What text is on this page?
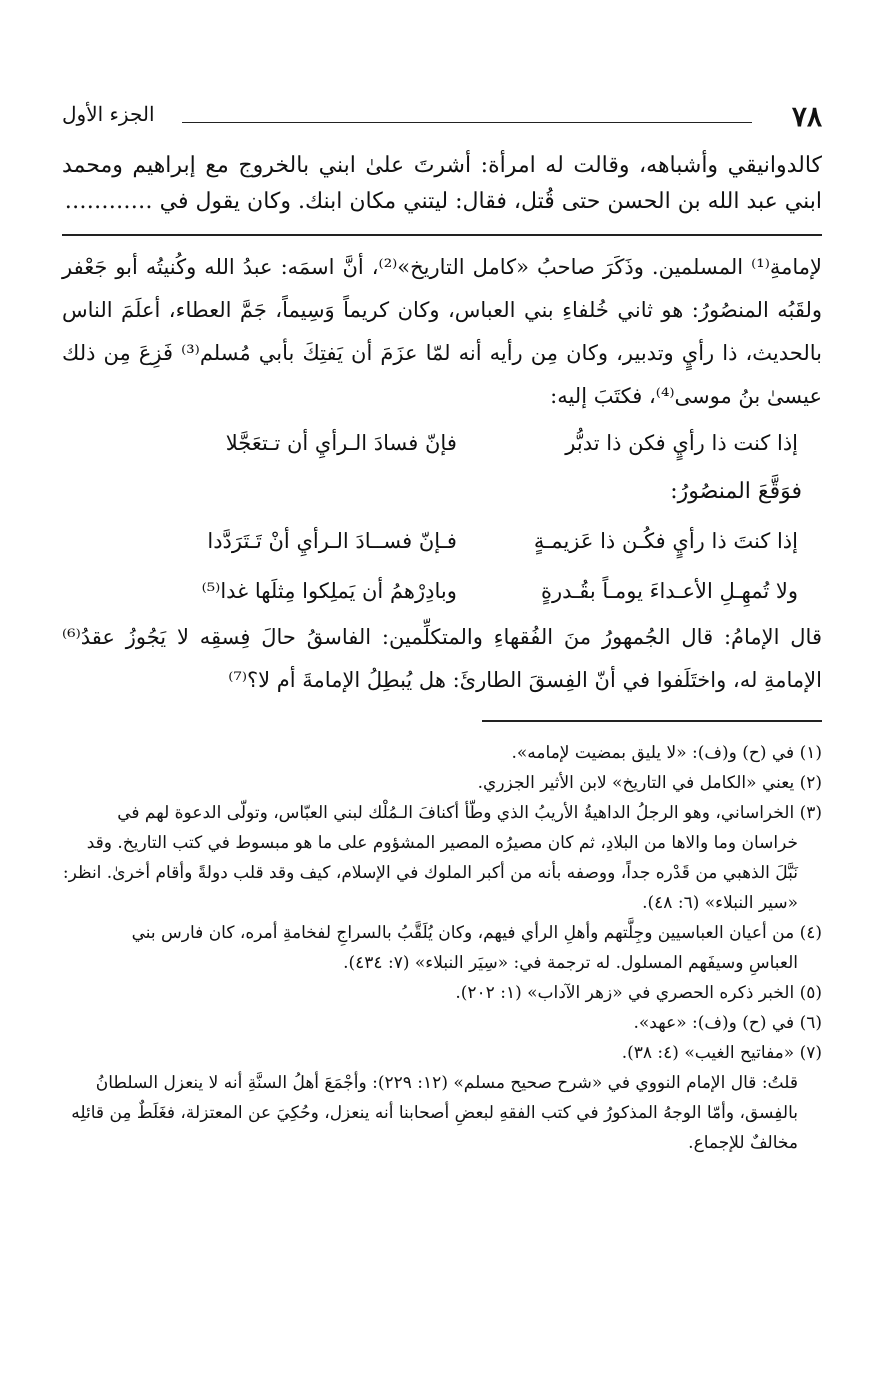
٧٨
الجزء الأول

كالدوانيقي وأشباهه، وقالت له امرأة: أشرتَ علىٰ ابني بالخروج مع إبراهيم ومحمد ابني عبد الله بن الحسن حتى قُتل، فقال: ليتني مكان ابنك. وكان يقول في …………

لإمامةِ⁽¹⁾ المسلمين. وذَكَرَ صاحبُ «كامل التاريخ»⁽²⁾، أنَّ اسمَه: عبدُ الله وكُنيتُه أبو جَعْفر ولقَبُه المنصُورُ: هو ثاني خُلفاءِ بني العباس، وكان كريماً وَسِيماً، جَمَّ العطاء، أعلَمَ الناس بالحديث، ذا رأيٍ وتدبير، وكان مِن رأيه أنه لمّا عزَمَ أن يَفتِكَ بأبي مُسلم⁽³⁾ فَزِعَ مِن ذلك عيسىٰ بنُ موسى⁽⁴⁾، فكتَبَ إليه:

إذا كنت ذا رأيٍ فكن ذا تدبُّر
فإنّ فسادَ الـرأيِ أن تـتعَجَّلا
فوَقَّعَ المنصُورُ:
إذا كنتَ ذا رأيٍ فكُـن ذا عَزيمـةٍ
فـإنّ فســادَ الـرأيِ أنْ تَـتَرَدَّدا
ولا تُمهِـلِ الأعـداءَ يومـاً بقُـدرةٍ
وبادِرْهمُ أن يَملِكوا مِثلَها غدا⁽⁵⁾

قال الإمامُ: قال الجُمهورُ منَ الفُقهاءِ والمتكلِّمين: الفاسقُ حالَ فِسقِه لا يَجُوزُ عقدُ⁽⁶⁾ الإمامةِ له، واختَلَفوا في أنّ الفِسقَ الطارئَ: هل يُبطِلُ الإمامةَ أم لا؟⁽⁷⁾

(١) في (ح) و(ف): «لا يليق بمضيت لإمامه».

(٢) يعني «الكامل في التاريخ» لابن الأثير الجزري.

(٣) الخراساني، وهو الرجلُ الداهيةُ الأريبُ الذي وطّأ أكنافَ الـمُلْك لبني العبّاس، وتولّى الدعوة لهم في

خراسان وما والاها من البلادِ، ثم كان مصيرُه المصير المشؤوم على ما هو مبسوط في كتب التاريخ. وقد نَبَّلَ الذهبي من قَدْره جداً، ووصفه بأنه من أكبر الملوك في الإسلام، كيف وقد قلب دولةً وأقام أخرىٰ. انظر: «سير النبلاء» (٦: ٤٨).

(٤) من أعيان العباسيين وجِلَّتهم وأهلِ الرأي فيهم، وكان يُلَقَّبُ بالسراجِ لفخامةِ أمره، كان فارس بني

العباسِ وسيفَهم المسلول. له ترجمة في: «سِيَر النبلاء» (٧: ٤٣٤).

(٥) الخبر ذكره الحصري في «زهر الآداب» (١: ٢٠٢).

(٦) في (ح) و(ف): «عهد».

(٧) «مفاتيح الغيب» (٤: ٣٨).

قلتُ: قال الإمام النووي في «شرح صحيح مسلم» (١٢: ٢٢٩): وأجْمَعَ أهلُ السنَّةِ أنه لا ينعزل السلطانُ بالفِسق، وأمّا الوجهُ المذكورُ في كتب الفقهِ لبعضِ أصحابنا أنه ينعزل، وحُكِيَ عن المعتزلة، فغَلَطٌ مِن قائلِه مخالفٌ للإجماع.
